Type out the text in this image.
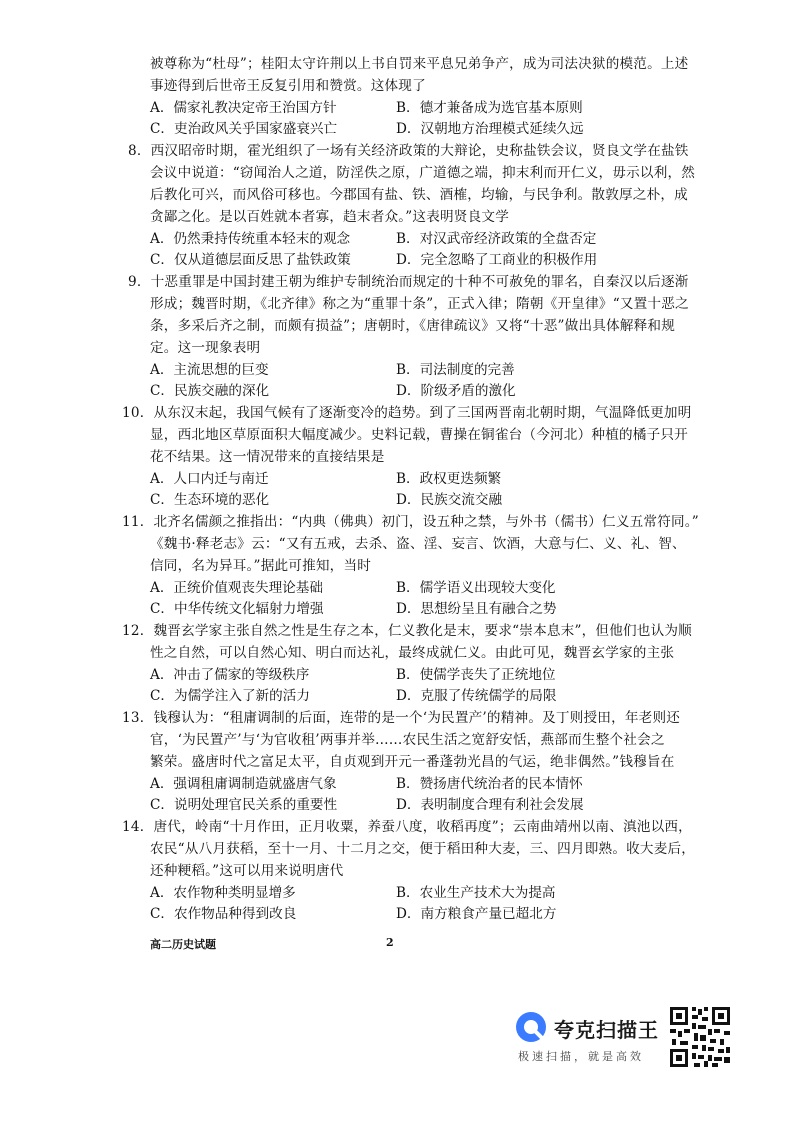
被尊称为“杜母”；桂阳太守许荆以上书自罚来平息兄弟争产，成为司法决狱的模范。上述
事迹得到后世帝王反复引用和赞赏。这体现了
A．儒家礼教决定帝王治国方针	B．德才兼备成为选官基本原则
C．吏治政风关乎国家盛衰兴亡	D．汉朝地方治理模式延续久远
8．西汉昭帝时期，霍光组织了一场有关经济政策的大辩论，史称盐铁会议，贤良文学在盐铁
会议中说道：“窃闻治人之道，防淫佚之原，广道德之端，抑末利而开仁义，毋示以利，然
后教化可兴，而风俗可移也。今郡国有盐、铁、酒榷，均输，与民争利。散敦厚之朴，成
贪鄙之化。是以百姓就本者寡，趋末者众。”这表明贤良文学
A．仍然秉持传统重本轻末的观念	B．对汉武帝经济政策的全盘否定
C．仅从道德层面反思了盐铁政策	D．完全忽略了工商业的积极作用
9．十恶重罪是中国封建王朝为维护专制统治而规定的十种不可赦免的罪名，自秦汉以后逐渐
形成；魏晋时期，《北齐律》称之为“重罪十条”，正式入律；隋朝《开皇律》“又置十恶之
条，多采后齐之制，而颇有损益”；唐朝时，《唐律疏议》又将“十恶”做出具体解释和规
定。这一现象表明
A．主流思想的巨变	B．司法制度的完善
C．民族交融的深化	D．阶级矛盾的激化
10．从东汉末起，我国气候有了逐渐变冷的趋势。到了三国两晋南北朝时期，气温降低更加明
显，西北地区草原面积大幅度减少。史料记载，曹操在铜雀台（今河北）种植的橘子只开
花不结果。这一情况带来的直接结果是
A．人口内迁与南迁	B．政权更迭频繁
C．生态环境的恶化	D．民族交流交融
11．北齐名儒颜之推指出：“内典（佛典）初门，设五种之禁，与外书（儒书）仁义五常符同。”
《魏书·释老志》云：“又有五戒，去杀、盗、淫、妄言、饮酒，大意与仁、义、礼、智、
信同，名为异耳。”据此可推知，当时
A．正统价值观丧失理论基础	B．儒学语义出现较大变化
C．中华传统文化辐射力增强	D．思想纷呈且有融合之势
12．魏晋玄学家主张自然之性是生存之本，仁义教化是末，要求“崇本息末”，但他们也认为顺
性之自然，可以自然心知、明白而达礼，最终成就仁义。由此可见，魏晋玄学家的主张
A．冲击了儒家的等级秩序	B．使儒学丧失了正统地位
C．为儒学注入了新的活力	D．克服了传统儒学的局限
13．钱穆认为：“租庸调制的后面，连带的是一个‘为民置产’的精神。及丁则授田，年老则还
官，‘为民置产’与‘为官收租’两事并举……农民生活之宽舒安恬，燕部而生整个社会之
繁荣。盛唐时代之富足太平，自贞观到开元一番蓬勃光昌的气运，绝非偶然。”钱穆旨在
A．强调租庸调制造就盛唐气象	B．赞扬唐代统治者的民本情怀
C．说明处理官民关系的重要性	D．表明制度合理有利社会发展
14．唐代，岭南“十月作田，正月收粟，养蚕八度，收稻再度”；云南曲靖州以南、滇池以西，
农民“从八月获稻，至十一月、十二月之交，便于稻田种大麦，三、四月即熟。收大麦后，
还种粳稻。”这可以用来说明唐代
A．农作物种类明显增多	B．农业生产技术大为提高
C．农作物品种得到改良	D．南方粮食产量已超北方
高二历史试题	2
夸克扫描王
极速扫描，就是高效
